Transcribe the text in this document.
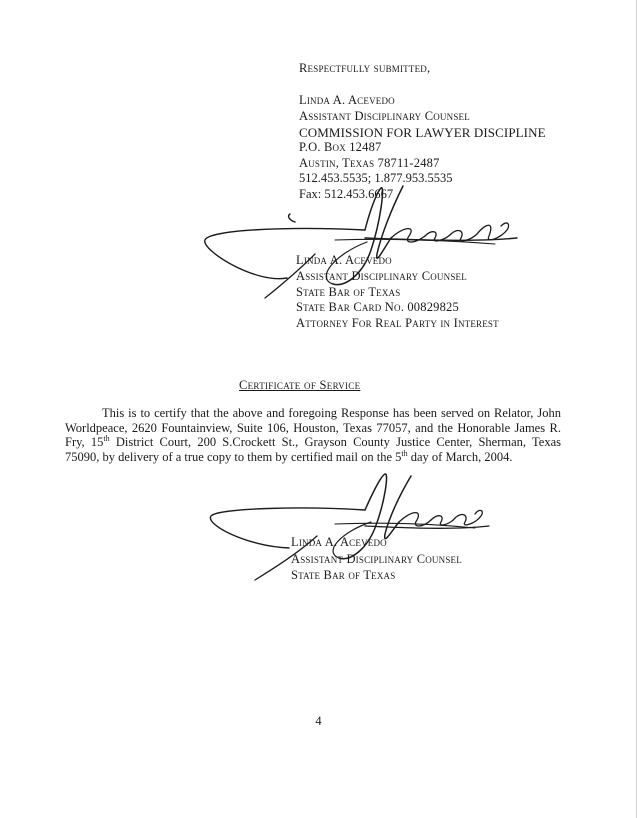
Respectfully submitted,
Linda A. Acevedo
Assistant Disciplinary Counsel
COMMISSION FOR LAWYER DISCIPLINE
P.O. Box 12487
Austin, Texas 78711-2487
512.453.5535; 1.877.953.5535
Fax: 512.453.6667
Linda A. Acevedo
Assistant Disciplinary Counsel
State Bar of Texas
State Bar Card No. 00829825
Attorney For Real Party in Interest
Certificate of Service

This is to certify that the above and foregoing Response has been served on Relator, John Worldpeace, 2620 Fountainview, Suite 106, Houston, Texas 77057, and the Honorable James R. Fry, 15th District Court, 200 S.Crockett St., Grayson County Justice Center, Sherman, Texas 75090, by delivery of a true copy to them by certified mail on the 5th day of March, 2004.

Linda A. Acevedo
Assistant Disciplinary Counsel
State Bar of Texas
4
